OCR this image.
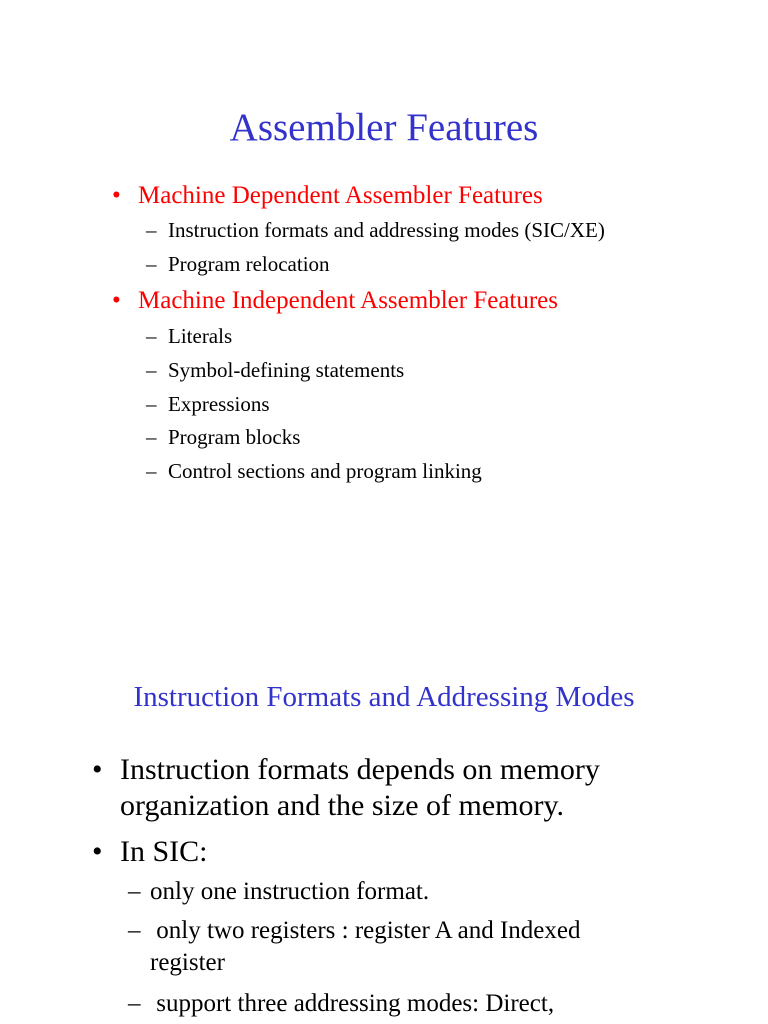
Assembler Features
• Machine Dependent Assembler Features
– Instruction formats and addressing modes (SIC/XE)
– Program relocation
• Machine Independent Assembler Features
– Literals
– Symbol-defining statements
– Expressions
– Program blocks
– Control sections and program linking
Instruction Formats and Addressing Modes
• Instruction formats depends on memory
organization and the size of memory.
• In SIC:
– only one instruction format.
– only two registers : register A and Indexed
register
– support three addressing modes: Direct,
